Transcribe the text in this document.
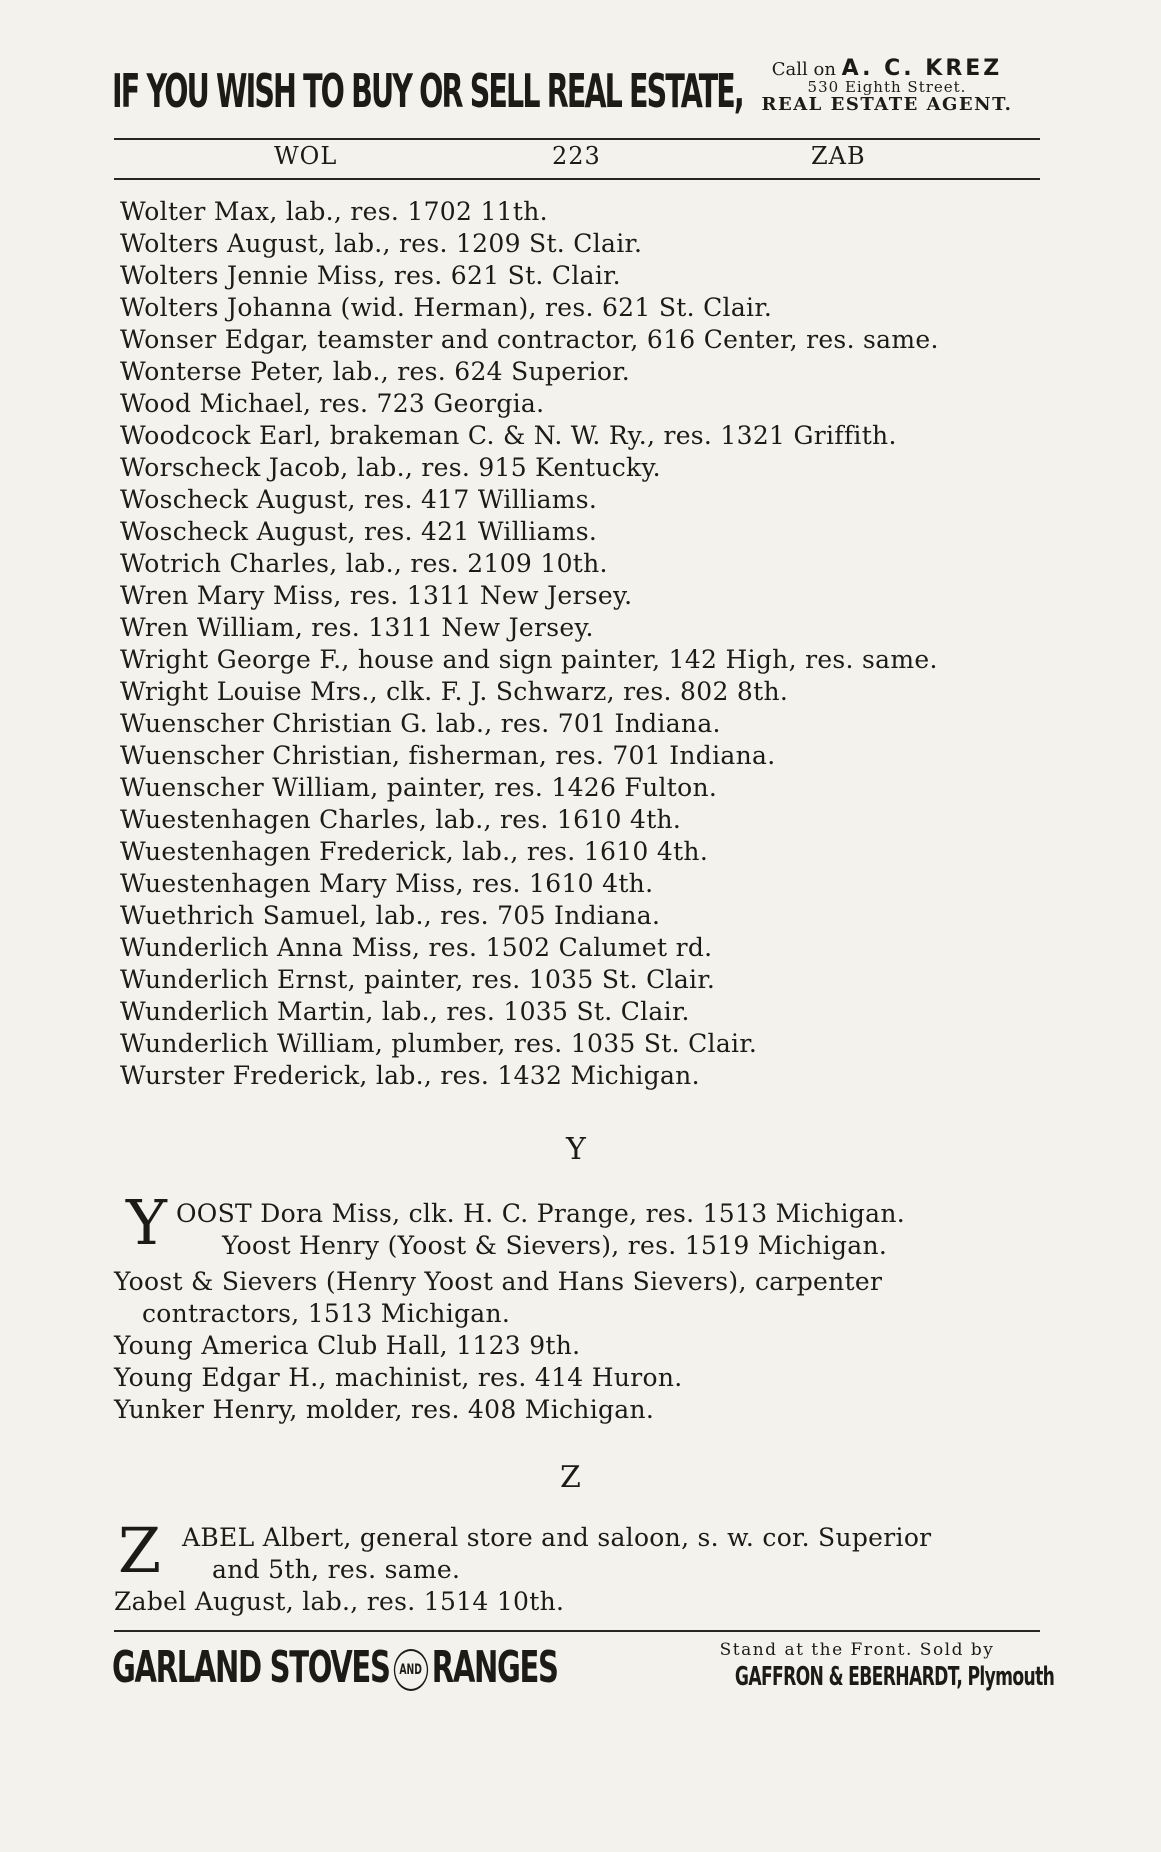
IF YOU WISH TO BUY OR SELL REAL ESTATE,	Call on A. C. KREZ
530 Eighth Street.
REAL ESTATE AGENT.
WOL	223	ZAB
Wolter Max, lab., res. 1702 11th.
Wolters August, lab., res. 1209 St. Clair.
Wolters Jennie Miss, res. 621 St. Clair.
Wolters Johanna (wid. Herman), res. 621 St. Clair.
Wonser Edgar, teamster and contractor, 616 Center, res. same.
Wonterse Peter, lab., res. 624 Superior.
Wood Michael, res. 723 Georgia.
Woodcock Earl, brakeman C. & N. W. Ry., res. 1321 Griffith.
Worscheck Jacob, lab., res. 915 Kentucky.
Woscheck August, res. 417 Williams.
Woscheck August, res. 421 Williams.
Wotrich Charles, lab., res. 2109 10th.
Wren Mary Miss, res. 1311 New Jersey.
Wren William, res. 1311 New Jersey.
Wright George F., house and sign painter, 142 High, res. same.
Wright Louise Mrs., clk. F. J. Schwarz, res. 802 8th.
Wuenscher Christian G. lab., res. 701 Indiana.
Wuenscher Christian, fisherman, res. 701 Indiana.
Wuenscher William, painter, res. 1426 Fulton.
Wuestenhagen Charles, lab., res. 1610 4th.
Wuestenhagen Frederick, lab., res. 1610 4th.
Wuestenhagen Mary Miss, res. 1610 4th.
Wuethrich Samuel, lab., res. 705 Indiana.
Wunderlich Anna Miss, res. 1502 Calumet rd.
Wunderlich Ernst, painter, res. 1035 St. Clair.
Wunderlich Martin, lab., res. 1035 St. Clair.
Wunderlich William, plumber, res. 1035 St. Clair.
Wurster Frederick, lab., res. 1432 Michigan.
Y
Y OOST Dora Miss, clk. H. C. Prange, res. 1513 Michigan.
Yoost Henry (Yoost & Sievers), res. 1519 Michigan.
Yoost & Sievers (Henry Yoost and Hans Sievers), carpenter
contractors, 1513 Michigan.
Young America Club Hall, 1123 9th.
Young Edgar H., machinist, res. 414 Huron.
Yunker Henry, molder, res. 408 Michigan.
Z
Z ABEL Albert, general store and saloon, s. w. cor. Superior
and 5th, res. same.
Zabel August, lab., res. 1514 10th.
GARLAND STOVES AND RANGES	Stand at the Front. Sold by
GAFFRON & EBERHARDT, Plymouth
